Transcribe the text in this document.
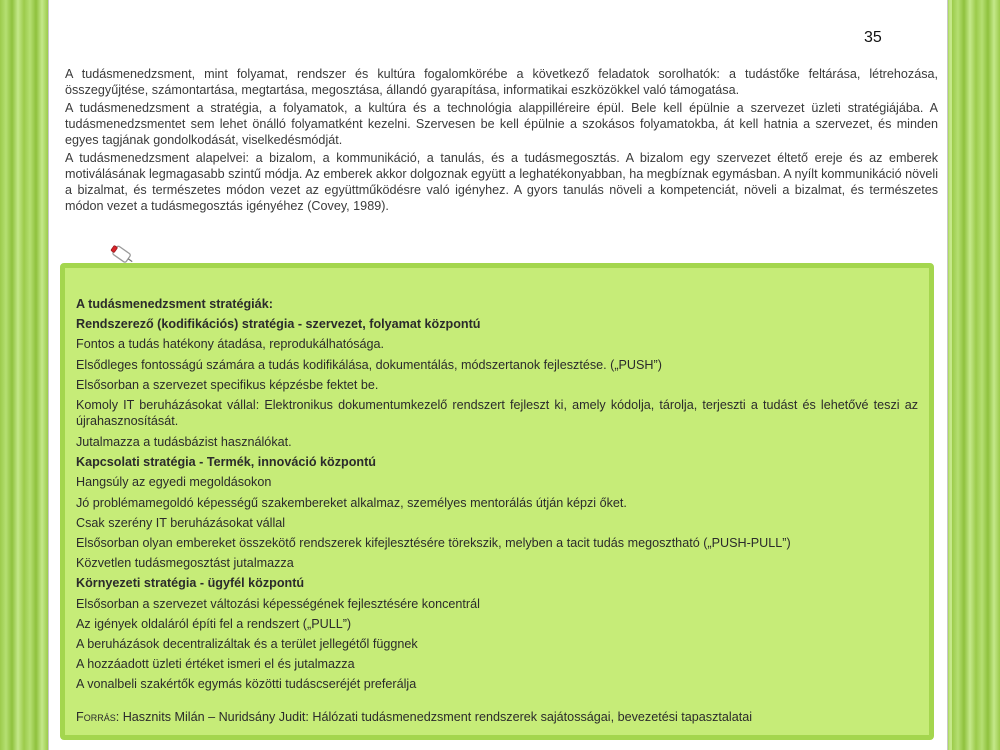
35

A tudásmenedzsment, mint folyamat, rendszer és kultúra fogalomkörébe a következő feladatok sorolhatók: a tudástőke feltárása, létrehozása, összegyűjtése, számontartása, megtartása, megosztása, állandó gyarapítása, informatikai eszközökkel való támogatása.

A tudásmenedzsment a stratégia, a folyamatok, a kultúra és a technológia alappilléreire épül. Bele kell épülnie a szervezet üzleti stratégiájába. A tudásmenedzsmentet sem lehet önálló folyamatként kezelni. Szervesen be kell épülnie a szokásos folyamatokba, át kell hatnia a szervezet, és minden egyes tagjának gondolkodását, viselkedésmódját.

A tudásmenedzsment alapelvei: a bizalom, a kommunikáció, a tanulás, és a tudásmegosztás. A bizalom egy szervezet éltető ereje és az emberek motiválásának legmagasabb szintű módja. Az emberek akkor dolgoznak együtt a leghatékonyabban, ha megbíznak egymásban. A nyílt kommunikáció növeli a bizalmat, és természetes módon vezet az együttműködésre való igényhez. A gyors tanulás növeli a kompetenciát, növeli a bizalmat, és természetes módon vezet a tudásmegosztás igényéhez (Covey, 1989).

A tudásmenedzsment stratégiák:

Rendszerező (kodifikációs) stratégia - szervezet, folyamat központú

Fontos a tudás hatékony átadása, reprodukálhatósága.

Elsődleges fontosságú számára a tudás kodifikálása, dokumentálás, módszertanok fejlesztése. („PUSH”)

Elsősorban a szervezet specifikus képzésbe fektet be.

Komoly IT beruházásokat vállal: Elektronikus dokumentumkezelő rendszert fejleszt ki, amely kódolja, tárolja, terjeszti a tudást és lehetővé teszi az újrahasznosítását.

Jutalmazza a tudásbázist használókat.

Kapcsolati stratégia - Termék, innováció központú

Hangsúly az egyedi megoldásokon

Jó problémamegoldó képességű szakembereket alkalmaz, személyes mentorálás útján képzi őket.

Csak szerény IT beruházásokat vállal

Elsősorban olyan embereket összekötő rendszerek kifejlesztésére törekszik, melyben a tacit tudás megosztható („PUSH-PULL”)

Közvetlen tudásmegosztást jutalmazza

Környezeti stratégia - ügyfél központú

Elsősorban a szervezet változási képességének fejlesztésére koncentrál

Az igények oldaláról építi fel a rendszert („PULL”)

A beruházások decentralizáltak és a terület jellegétől függnek

A hozzáadott üzleti értéket ismeri el és jutalmazza

A vonalbeli szakértők egymás közötti tudáscseréjét preferálja

Forrás: Hasznits Milán – Nuridsány Judit: Hálózati tudásmenedzsment rendszerek sajátosságai, bevezetési tapasztalatai
